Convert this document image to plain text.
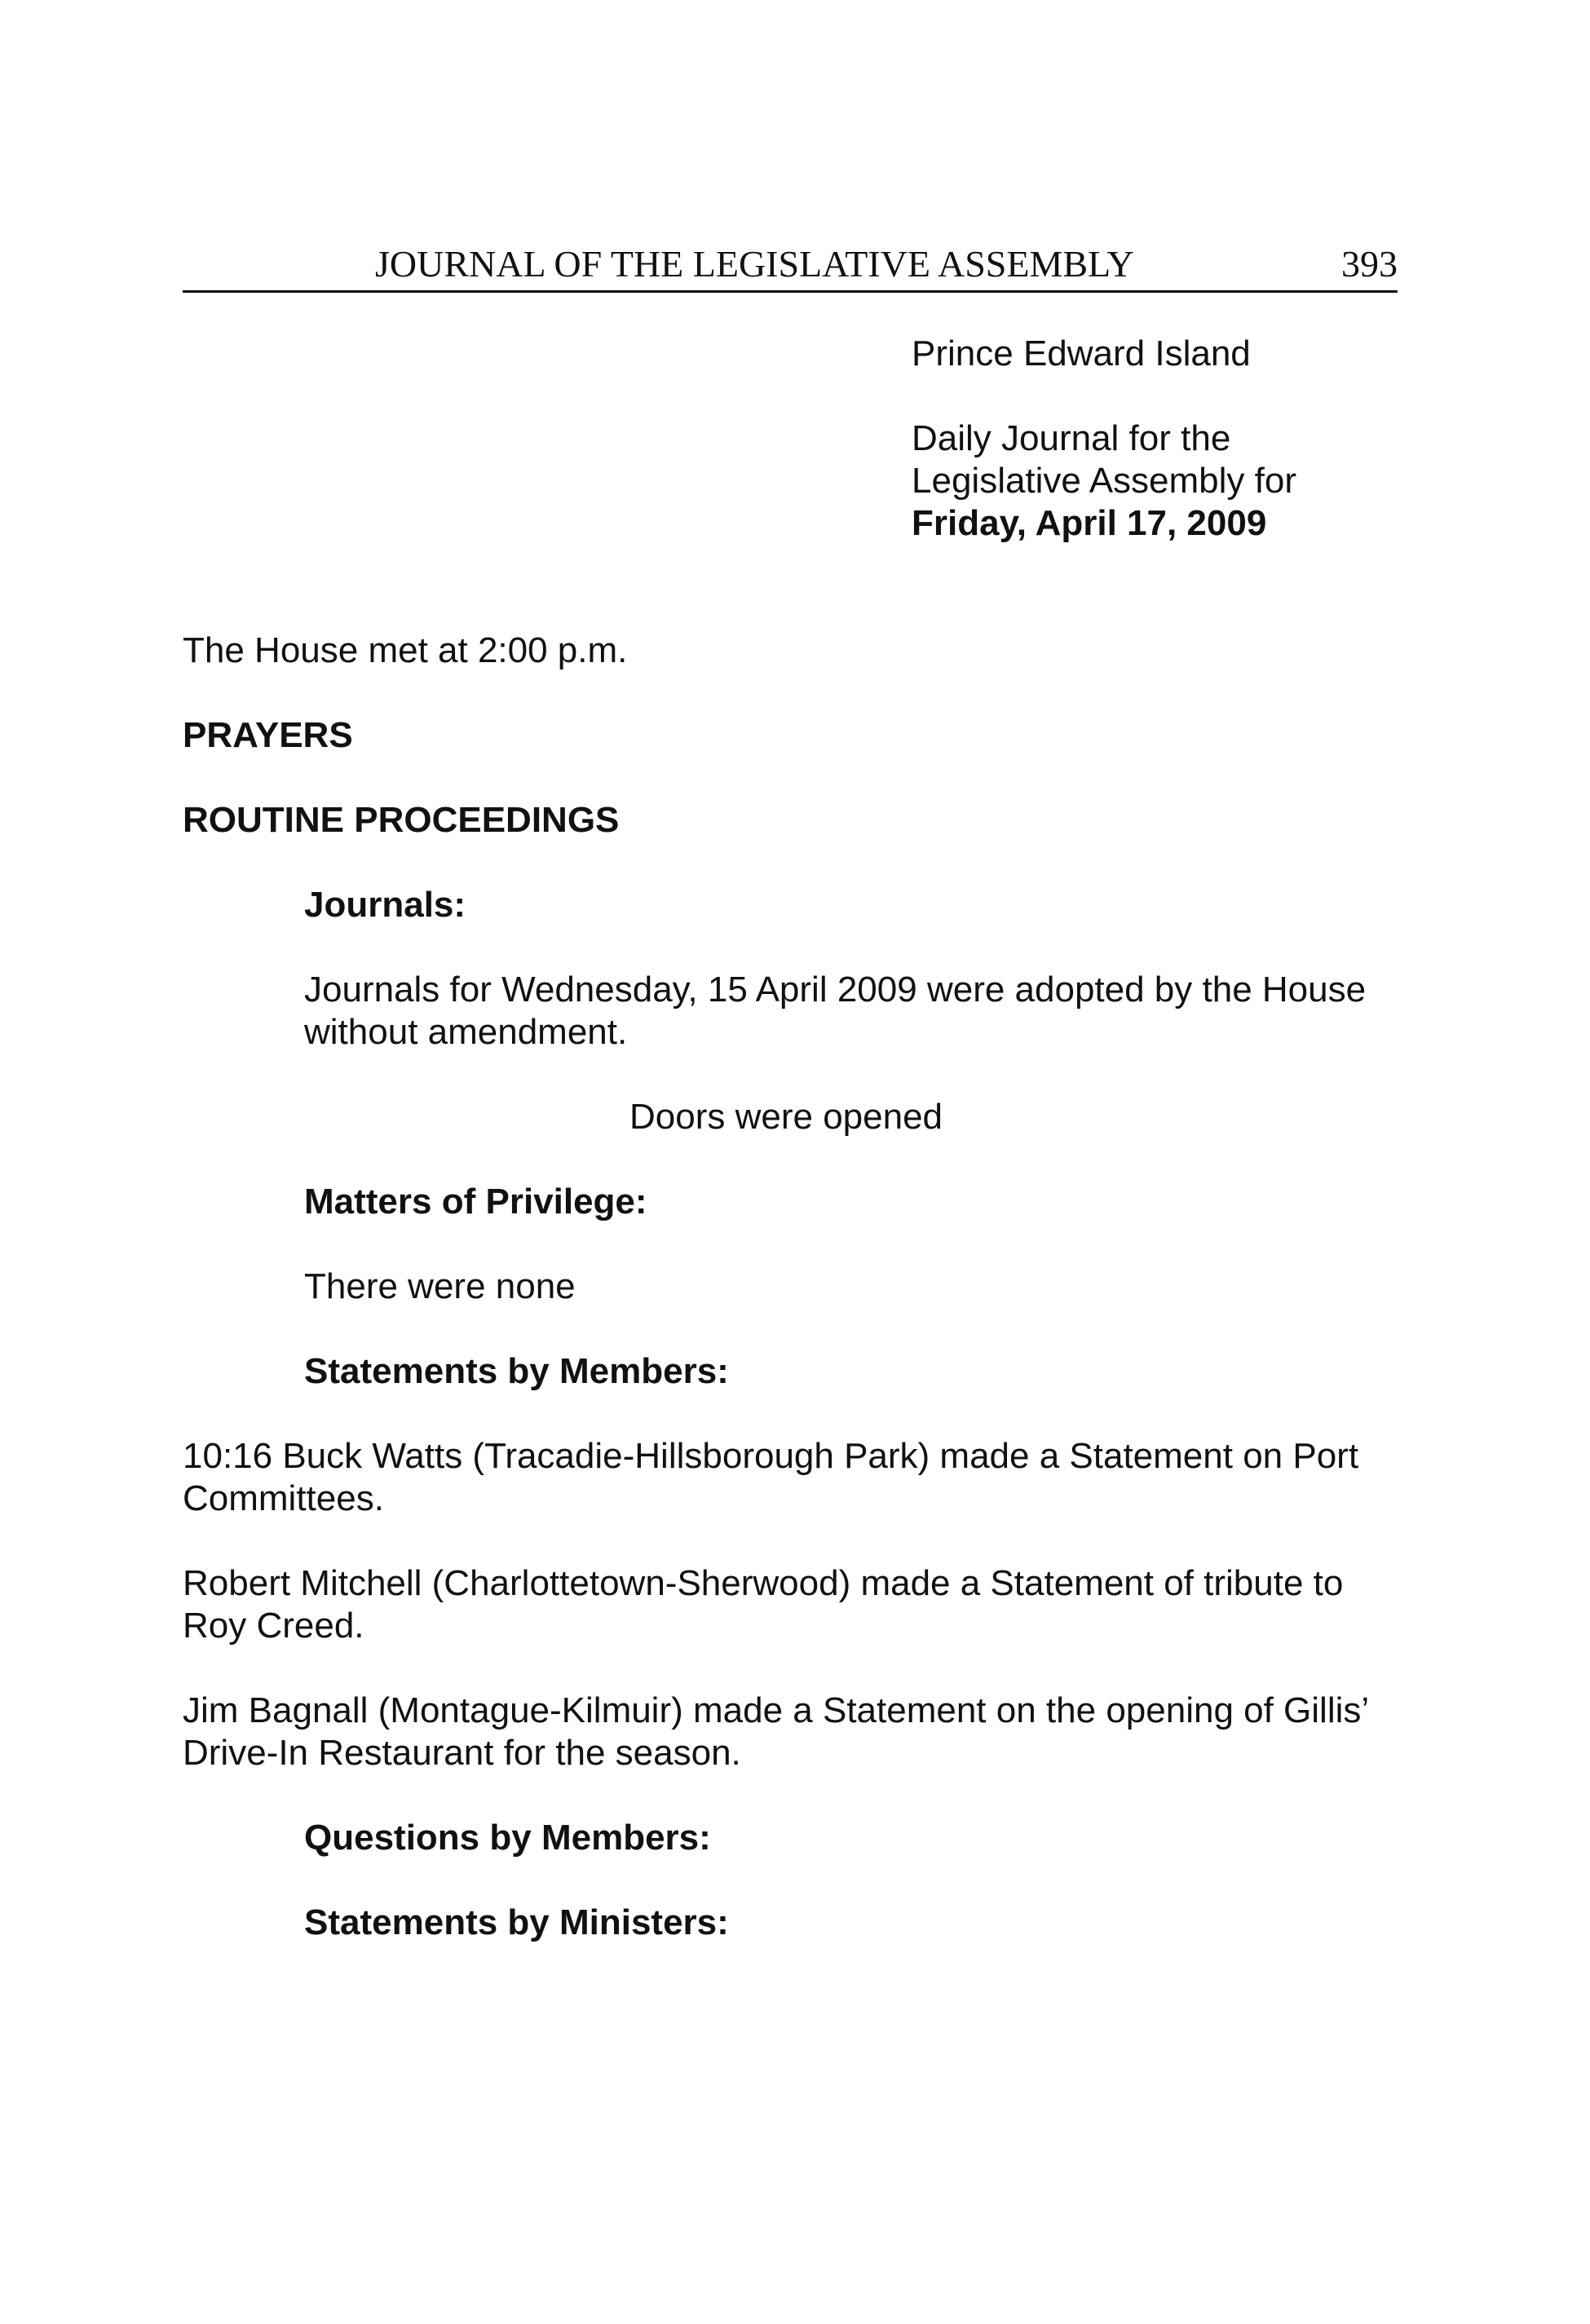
JOURNAL OF THE LEGISLATIVE ASSEMBLY	393
Prince Edward Island
Daily Journal for the
Legislative Assembly for
Friday, April 17, 2009
The House met at 2:00 p.m.
PRAYERS
ROUTINE PROCEEDINGS
Journals:
Journals for Wednesday, 15 April 2009 were adopted by the House
without amendment.
Doors were opened
Matters of Privilege:
There were none
Statements by Members:
10:16 Buck Watts (Tracadie-Hillsborough Park) made a Statement on Port
Committees.
Robert Mitchell (Charlottetown-Sherwood) made a Statement of tribute to
Roy Creed.
Jim Bagnall (Montague-Kilmuir) made a Statement on the opening of Gillis’
Drive-In Restaurant for the season.
Questions by Members:
Statements by Ministers:
